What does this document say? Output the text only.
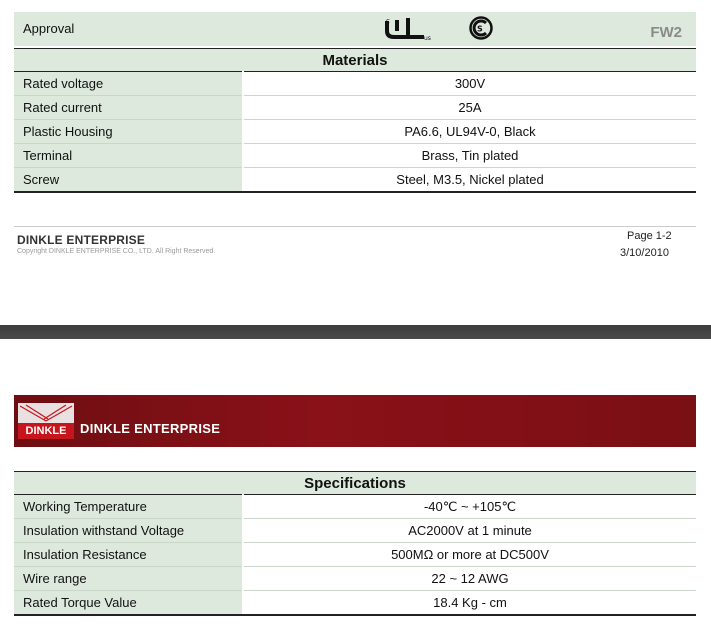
Approval	c
us
S	FW2
Materials	
Rated voltage	300V
Rated current	25A
Plastic Housing	PA6.6, UL94V-0, Black
Terminal	Brass, Tin plated
Screw	Steel, M3.5, Nickel plated
DINKLE ENTERPRISE
Copyright DINKLE ENTERPRISE CO., LTD. All Right Reserved.
Page 1-2
3/10/2010
DINKLE	DINKLE ENTERPRISE
Specifications	
Working Temperature	-40℃ ~ +105℃
Insulation withstand Voltage	AC2000V at 1 minute
Insulation Resistance	500MΩ or more at DC500V
Wire range	22 ~ 12 AWG
Rated Torque Value	18.4 Kg - cm
